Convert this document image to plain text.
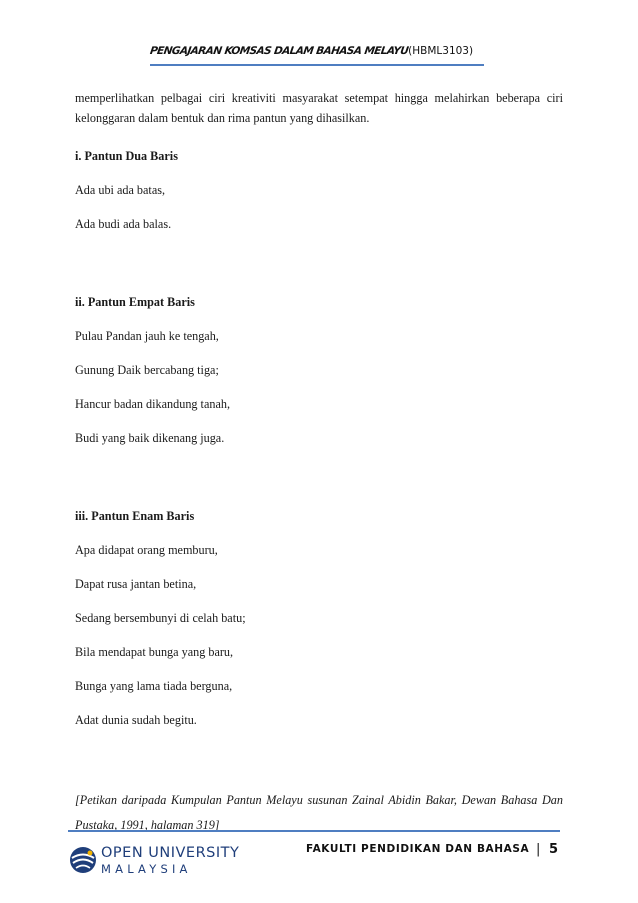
PENGAJARAN KOMSAS DALAM BAHASA MELAYU(HBML3103)

memperlihatkan pelbagai ciri kreativiti masyarakat setempat hingga melahirkan beberapa ciri kelonggaran dalam bentuk dan rima pantun yang dihasilkan.

i. Pantun Dua Baris

Ada ubi ada batas,

Ada budi ada balas.

ii. Pantun Empat Baris

Pulau Pandan jauh ke tengah,

Gunung Daik bercabang tiga;

Hancur badan dikandung tanah,

Budi yang baik dikenang juga.

iii. Pantun Enam Baris

Apa didapat orang memburu,

Dapat rusa jantan betina,

Sedang bersembunyi di celah batu;

Bila mendapat bunga yang baru,

Bunga yang lama tiada berguna,

Adat dunia sudah begitu.

[Petikan daripada Kumpulan Pantun Melayu susunan Zainal Abidin Bakar, Dewan Bahasa Dan Pustaka, 1991, halaman 319]

OPEN UNIVERSITY
MALAYSIA
FAKULTI PENDIDIKAN DAN BAHASA | 5
